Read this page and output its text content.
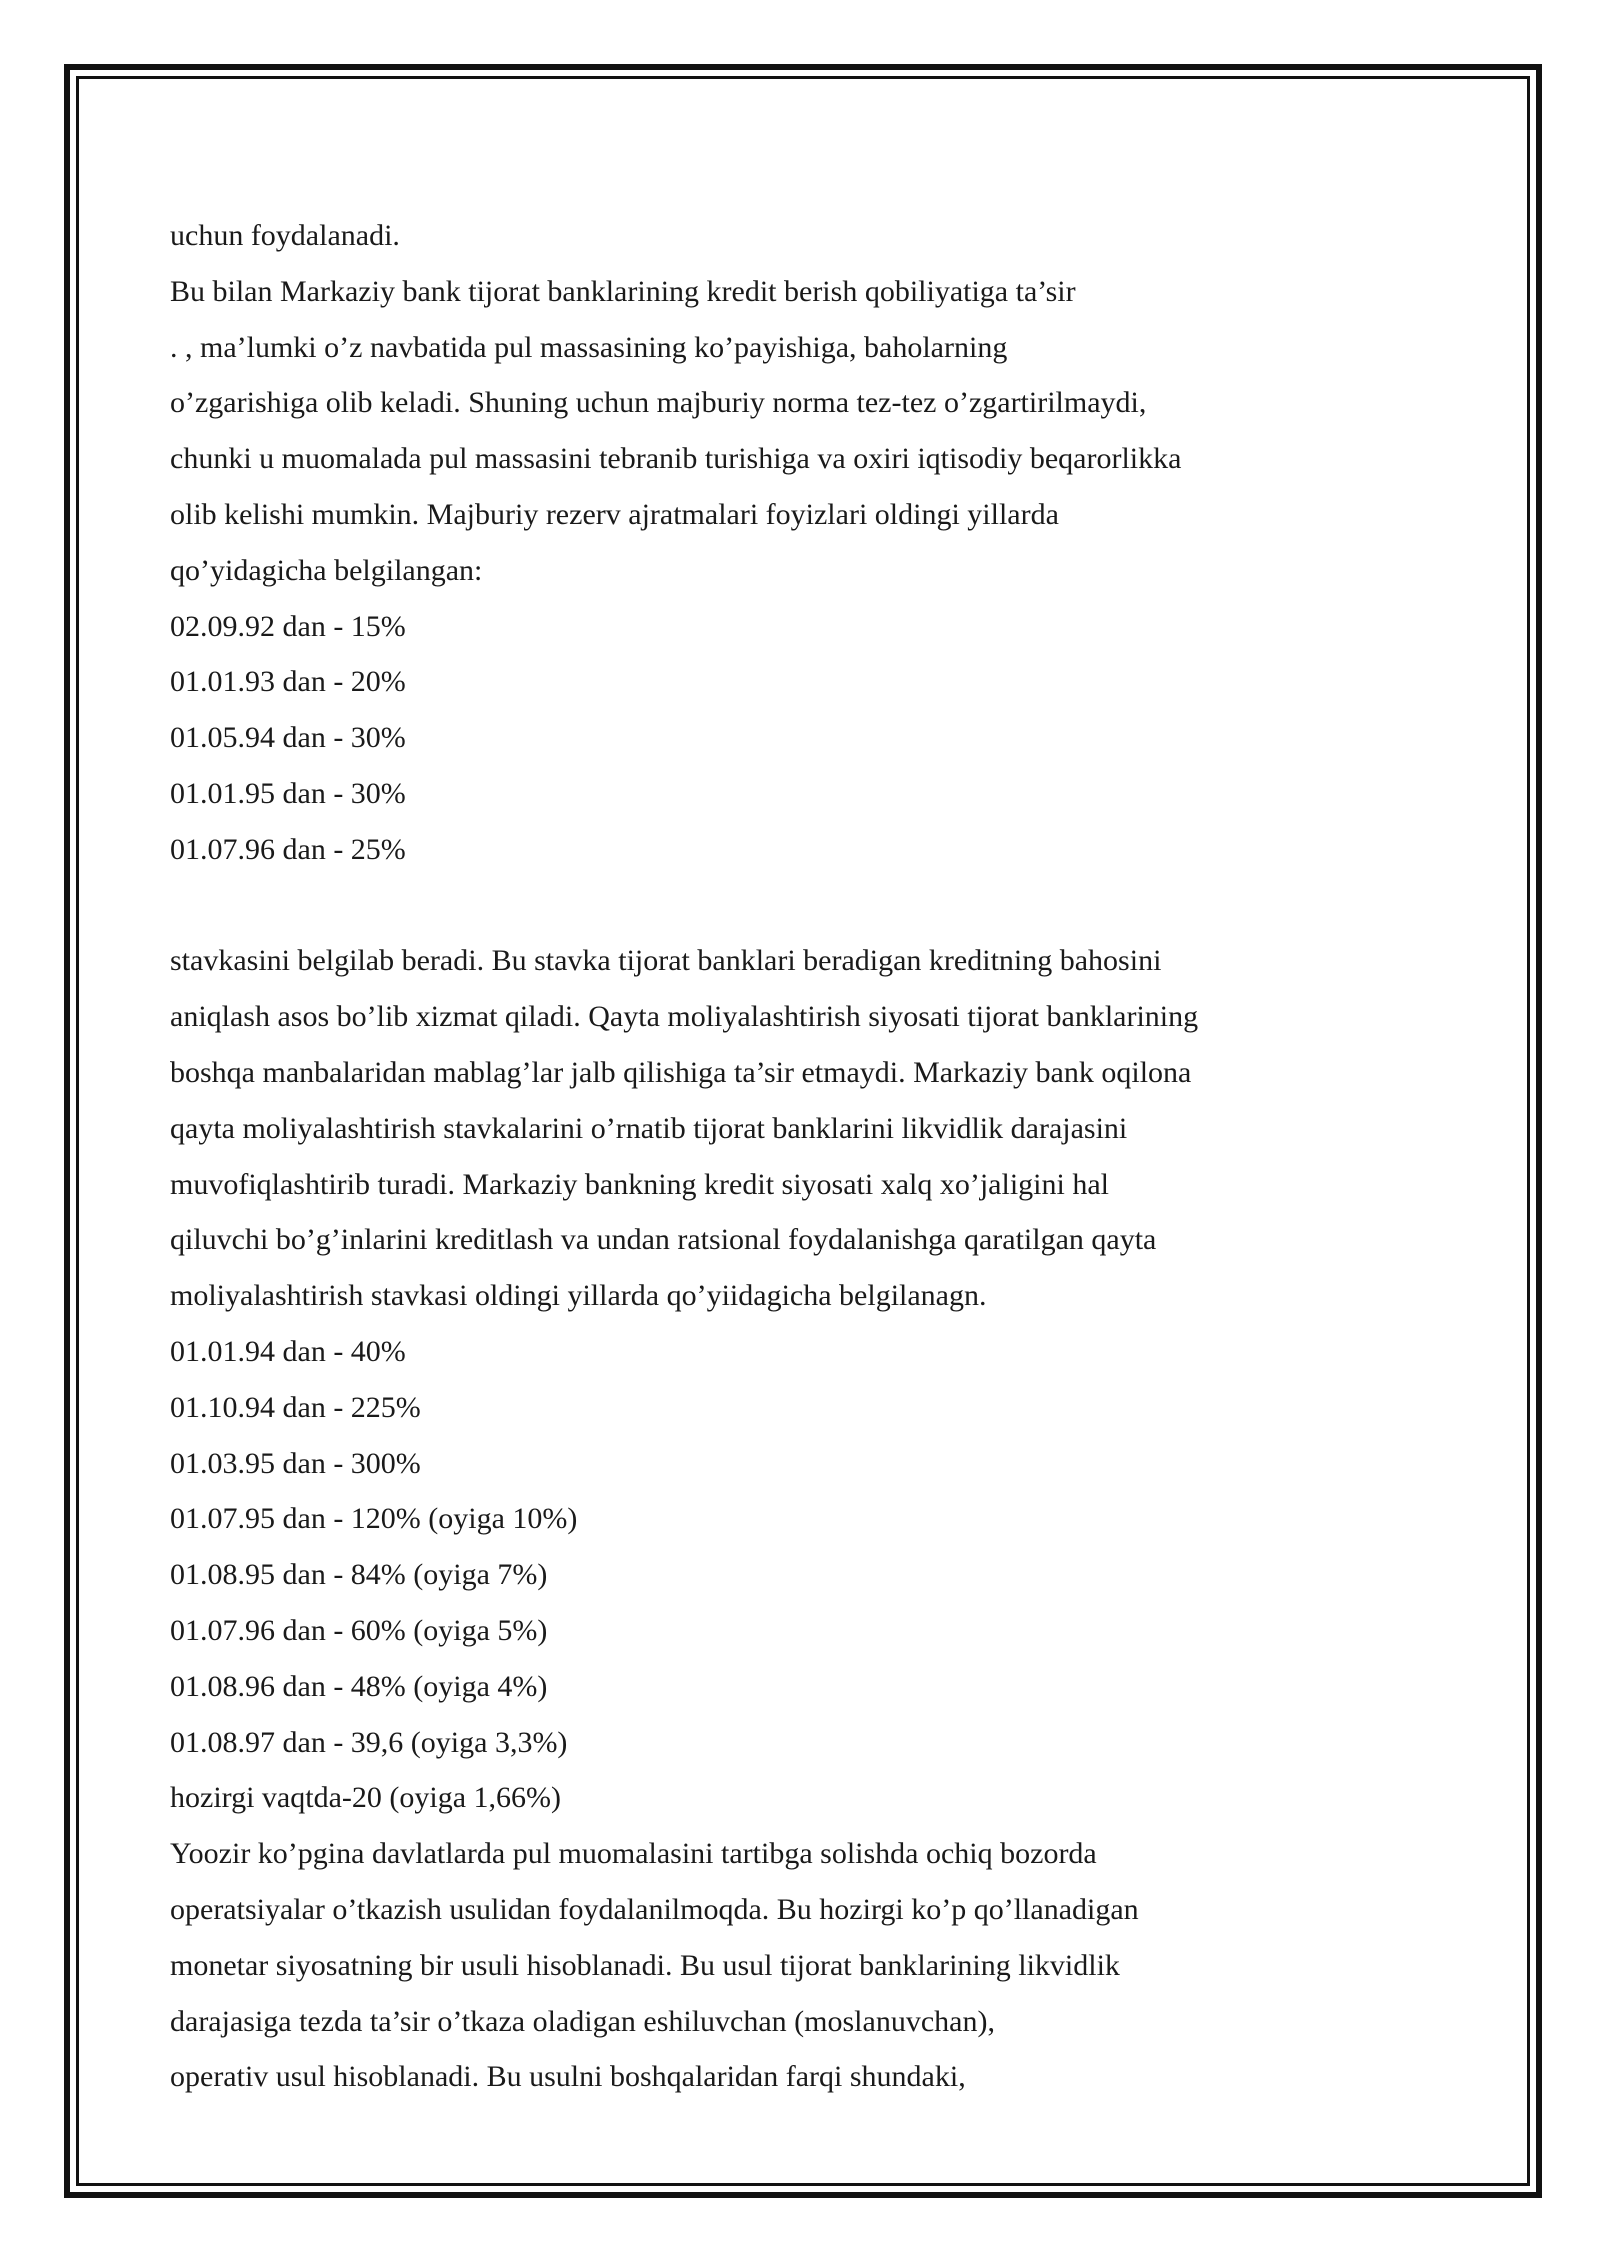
uchun foydalanadi.
Bu bilan Markaziy bank tijorat banklarining kredit berish qobiliyatiga ta’sir
. , ma’lumki o’z navbatida pul massasining ko’payishiga, baholarning
o’zgarishiga olib keladi. Shuning uchun majburiy norma tez-tez o’zgartirilmaydi,
chunki u muomalada pul massasini tebranib turishiga va oxiri iqtisodiy beqarorlikka
olib kelishi mumkin. Majburiy rezerv ajratmalari foyizlari oldingi yillarda
qo’yidagicha belgilangan:
02.09.92 dan - 15%
01.01.93 dan - 20%
01.05.94 dan - 30%
01.01.95 dan - 30%
01.07.96 dan - 25%
stavkasini belgilab beradi. Bu stavka tijorat banklari beradigan kreditning bahosini
aniqlash asos bo’lib xizmat qiladi. Qayta moliyalashtirish siyosati tijorat banklarining
boshqa manbalaridan mablag’lar jalb qilishiga ta’sir etmaydi. Markaziy bank oqilona
qayta moliyalashtirish stavkalarini o’rnatib tijorat banklarini likvidlik darajasini
muvofiqlashtirib turadi. Markaziy bankning kredit siyosati xalq xo’jaligini hal
qiluvchi bo’g’inlarini kreditlash va undan ratsional foydalanishga qaratilgan qayta
moliyalashtirish stavkasi oldingi yillarda qo’yiidagicha belgilanagn.
01.01.94 dan - 40%
01.10.94 dan - 225%
01.03.95 dan - 300%
01.07.95 dan - 120% (oyiga 10%)
01.08.95 dan - 84% (oyiga 7%)
01.07.96 dan - 60% (oyiga 5%)
01.08.96 dan - 48% (oyiga 4%)
01.08.97 dan - 39,6 (oyiga 3,3%)
hozirgi vaqtda-20 (oyiga 1,66%)
Yoozir ko’pgina davlatlarda pul muomalasini tartibga solishda ochiq bozorda
operatsiyalar o’tkazish usulidan foydalanilmoqda. Bu hozirgi ko’p qo’llanadigan
monetar siyosatning bir usuli hisoblanadi. Bu usul tijorat banklarining likvidlik
darajasiga tezda ta’sir o’tkaza oladigan eshiluvchan (moslanuvchan),
operativ usul hisoblanadi. Bu usulni boshqalaridan farqi shundaki,
